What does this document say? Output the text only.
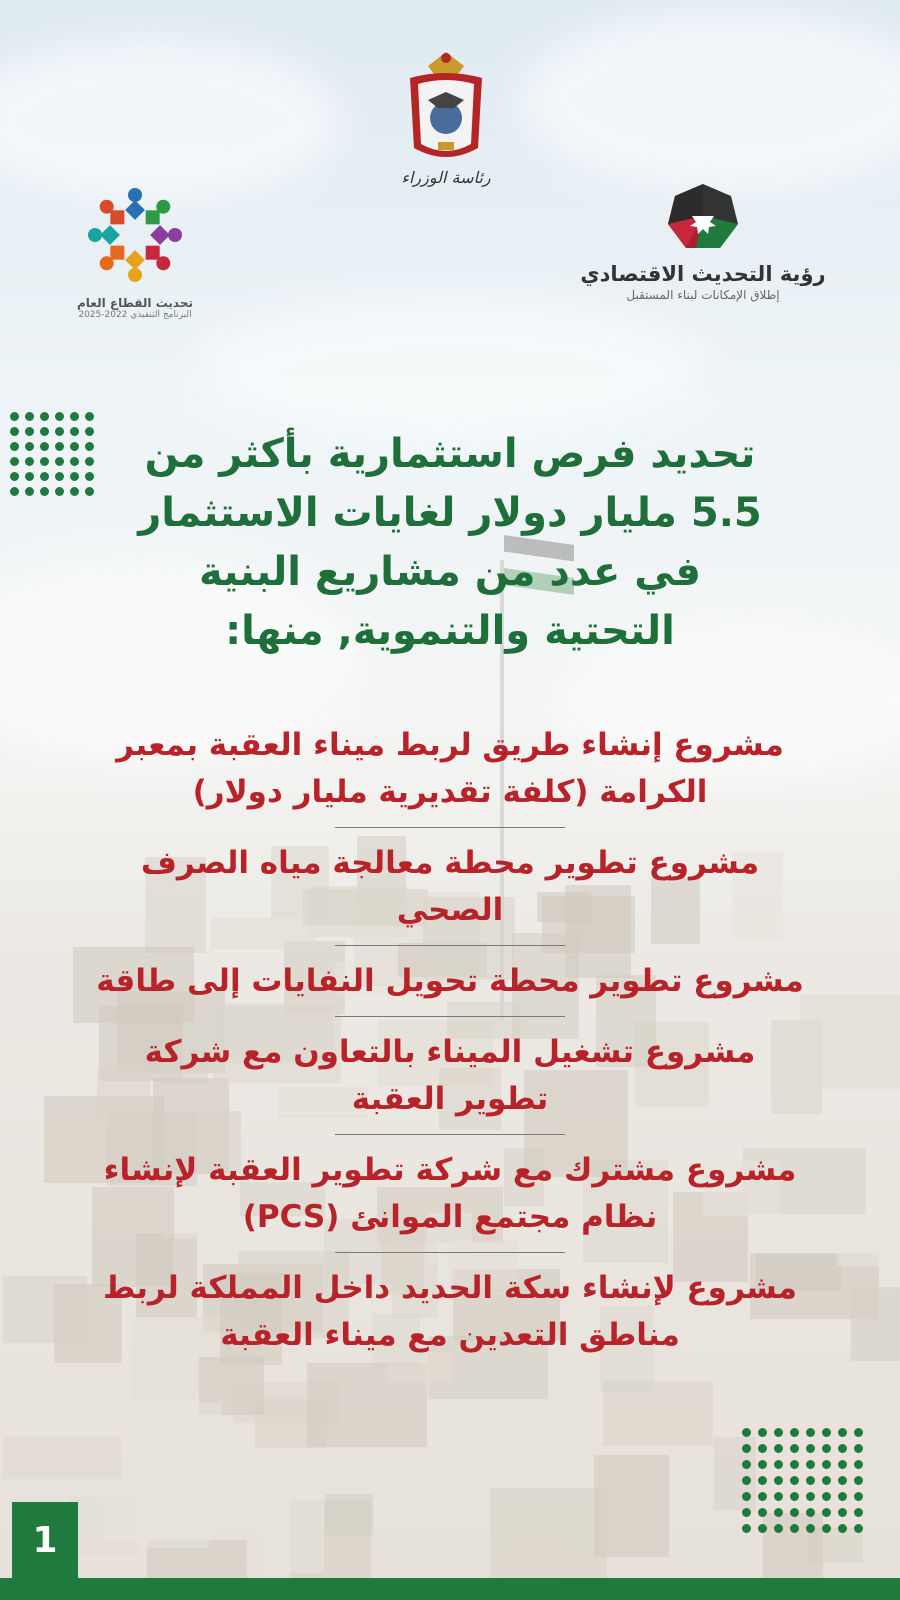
تحديث القطاع العام
البرنامج التنفيذي 2022-2025
رئاسة الوزراء
رؤية التحديث الاقتصادي
إطلاق الإمكانات لبناء المستقبل
تحديد فرص استثمارية بأكثر من
5.5 مليار دولار لغايات الاستثمار
في عدد من مشاريع البنية
التحتية والتنموية, منها:
مشروع إنشاء طريق لربط ميناء العقبة بمعبر
الكرامة (كلفة تقديرية مليار دولار)
مشروع تطوير محطة معالجة مياه الصرف
الصحي
مشروع تطوير محطة تحويل النفايات إلى طاقة
مشروع تشغيل الميناء بالتعاون مع شركة
تطوير العقبة
مشروع مشترك مع شركة تطوير العقبة لإنشاء
نظام مجتمع الموانئ (PCS)
مشروع لإنشاء سكة الحديد داخل المملكة لربط
مناطق التعدين مع ميناء العقبة
1
